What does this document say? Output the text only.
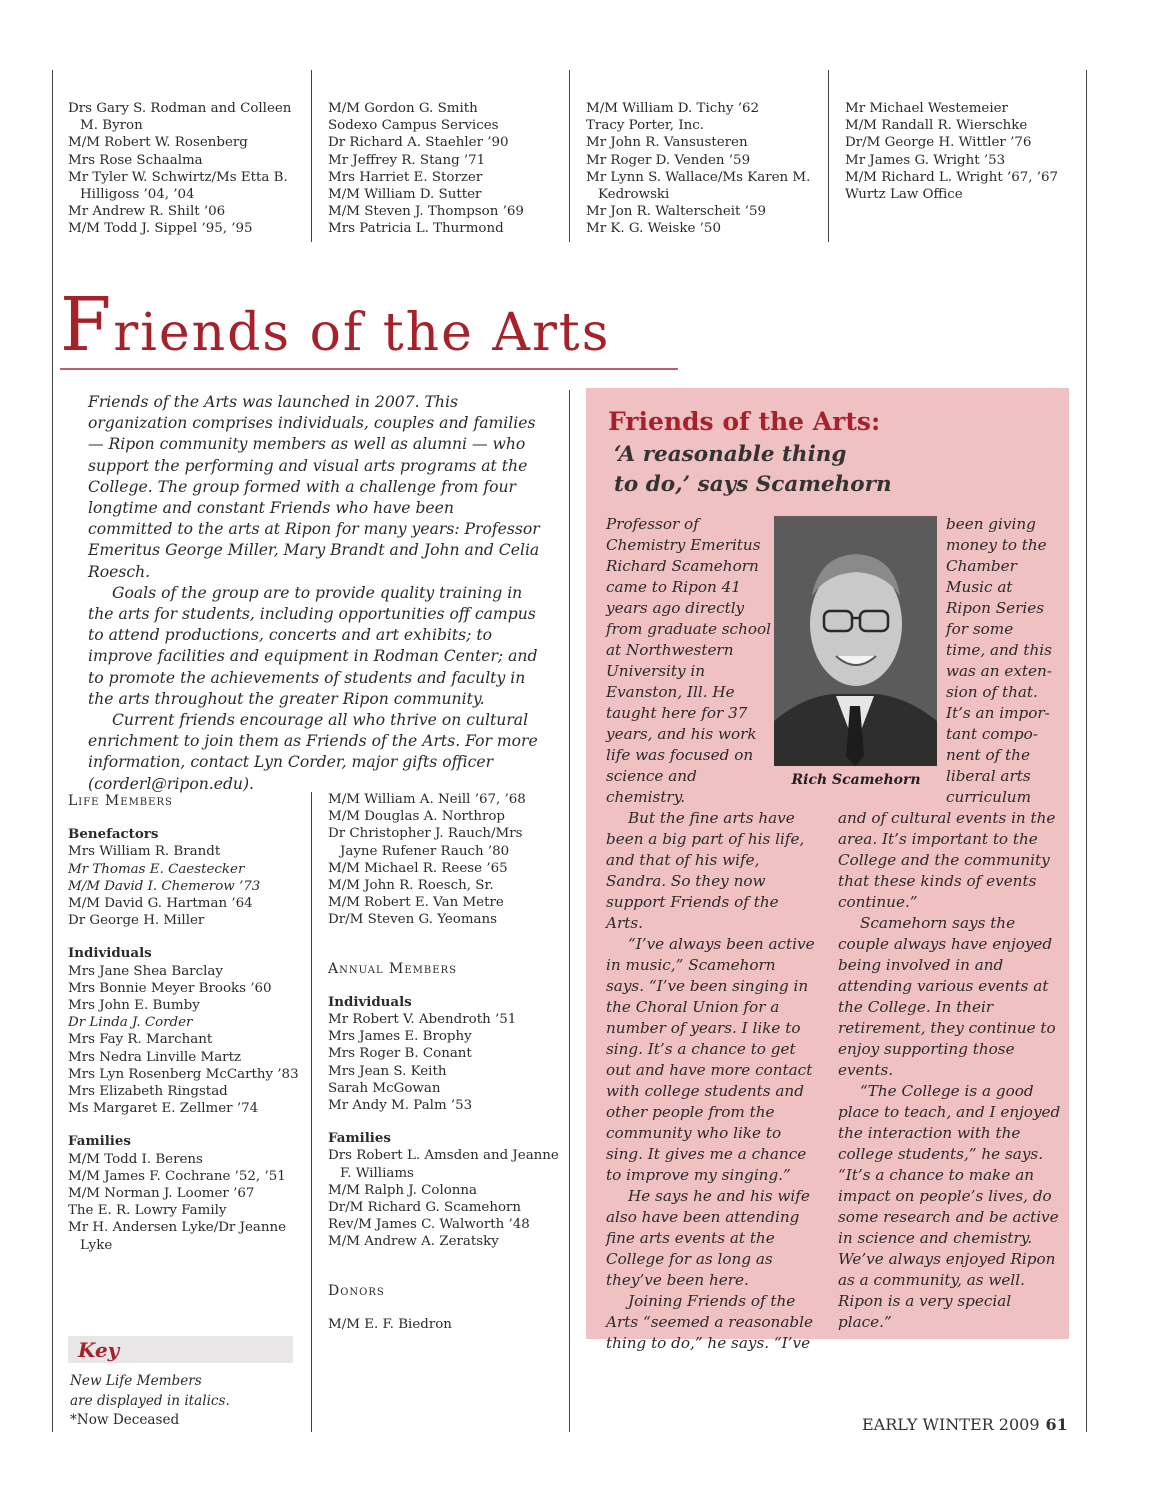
Drs Gary S. Rodman and Colleen M. Byron
M/M Robert W. Rosenberg
Mrs Rose Schaalma
Mr Tyler W. Schwirtz/Ms Etta B. Hilligoss ’04, ’04
Mr Andrew R. Shilt ’06
M/M Todd J. Sippel ’95, ’95
M/M Gordon G. Smith
Sodexo Campus Services
Dr Richard A. Staehler ’90
Mr Jeffrey R. Stang ’71
Mrs Harriet E. Storzer
M/M William D. Sutter
M/M Steven J. Thompson ’69
Mrs Patricia L. Thurmond
M/M William D. Tichy ’62
Tracy Porter, Inc.
Mr John R. Vansusteren
Mr Roger D. Venden ’59
Mr Lynn S. Wallace/Ms Karen M. Kedrowski
Mr Jon R. Walterscheit ’59
Mr K. G. Weiske ’50
Mr Michael Westemeier
M/M Randall R. Wierschke
Dr/M George H. Wittler ’76
Mr James G. Wright ’53
M/M Richard L. Wright ’67, ’67
Wurtz Law Office
Friends of the Arts

Friends of the Arts was launched in 2007. This organization comprises individuals, couples and families — Ripon community members as well as alumni — who support the performing and visual arts programs at the College. The group formed with a challenge from four longtime and constant Friends who have been committed to the arts at Ripon for many years: Professor Emeritus George Miller, Mary Brandt and John and Celia Roesch.

Goals of the group are to provide quality training in the arts for students, including opportunities off campus to attend productions, concerts and art exhibits; to improve facilities and equipment in Rodman Center; and to promote the achievements of students and faculty in the arts throughout the greater Ripon community.

Current friends encourage all who thrive on cultural enrichment to join them as Friends of the Arts. For more information, contact Lyn Corder, major gifts officer (corderl@ripon.edu).

Life Members
Benefactors
Mrs William R. Brandt
Mr Thomas E. Caestecker
M/M David I. Chemerow ’73
M/M David G. Hartman ’64
Dr George H. Miller
Individuals
Mrs Jane Shea Barclay
Mrs Bonnie Meyer Brooks ’60
Mrs John E. Bumby
Dr Linda J. Corder
Mrs Fay R. Marchant
Mrs Nedra Linville Martz
Mrs Lyn Rosenberg McCarthy ’83
Mrs Elizabeth Ringstad
Ms Margaret E. Zellmer ’74
Families
M/M Todd I. Berens
M/M James F. Cochrane ’52, ’51
M/M Norman J. Loomer ’67
The E. R. Lowry Family
Mr H. Andersen Lyke/Dr Jeanne Lyke
M/M William A. Neill ’67, ’68
M/M Douglas A. Northrop
Dr Christopher J. Rauch/Mrs Jayne Rufener Rauch ’80
M/M Michael R. Reese ’65
M/M John R. Roesch, Sr.
M/M Robert E. Van Metre
Dr/M Steven G. Yeomans
Annual Members
Individuals
Mr Robert V. Abendroth ’51
Mrs James E. Brophy
Mrs Roger B. Conant
Mrs Jean S. Keith
Sarah McGowan
Mr Andy M. Palm ’53
Families
Drs Robert L. Amsden and Jeanne F. Williams
M/M Ralph J. Colonna
Dr/M Richard G. Scamehorn
Rev/M James C. Walworth ’48
M/M Andrew A. Zeratsky
Donors
M/M E. F. Biedron
Key
New Life Members
are displayed in italics.
*Now Deceased
Friends of the Arts:
‘A reasonable thing
to do,’ says Scamehorn
Professor of
Chemistry Emeritus
Richard Scamehorn
came to Ripon 41
years ago directly
from graduate school
at Northwestern
University in
Evanston, Ill. He
taught here for 37
years, and his work
life was focused on
science and
chemistry.

But the fine arts have been a big part of his life, and that of his wife, Sandra. So they now support Friends of the Arts.

“I’ve always been active in music,” Scamehorn says. “I’ve been singing in the Choral Union for a number of years. I like to sing. It’s a chance to get out and have more contact with college students and other people from the community who like to sing. It gives me a chance to improve my singing.”

He says he and his wife also have been attending fine arts events at the College for as long as they’ve been here.

Joining Friends of the Arts “seemed a reasonable thing to do,” he says. “I’ve

Rich Scamehorn
been giving
money to the
Chamber
Music at
Ripon Series
for some
time, and this
was an exten-
sion of that.
It’s an impor-
tant compo-
nent of the
liberal arts
curriculum

and of cultural events in the area. It’s important to the College and the community that these kinds of events continue.”

Scamehorn says the couple always have enjoyed being involved in and attending various events at the College. In their retirement, they continue to enjoy supporting those events.

“The College is a good place to teach, and I enjoyed the interaction with the college students,” he says. “It’s a chance to make an impact on people’s lives, do some research and be active in science and chemistry. We’ve always enjoyed Ripon as a community, as well. Ripon is a very special place.”

EARLY WINTER 2009 61
